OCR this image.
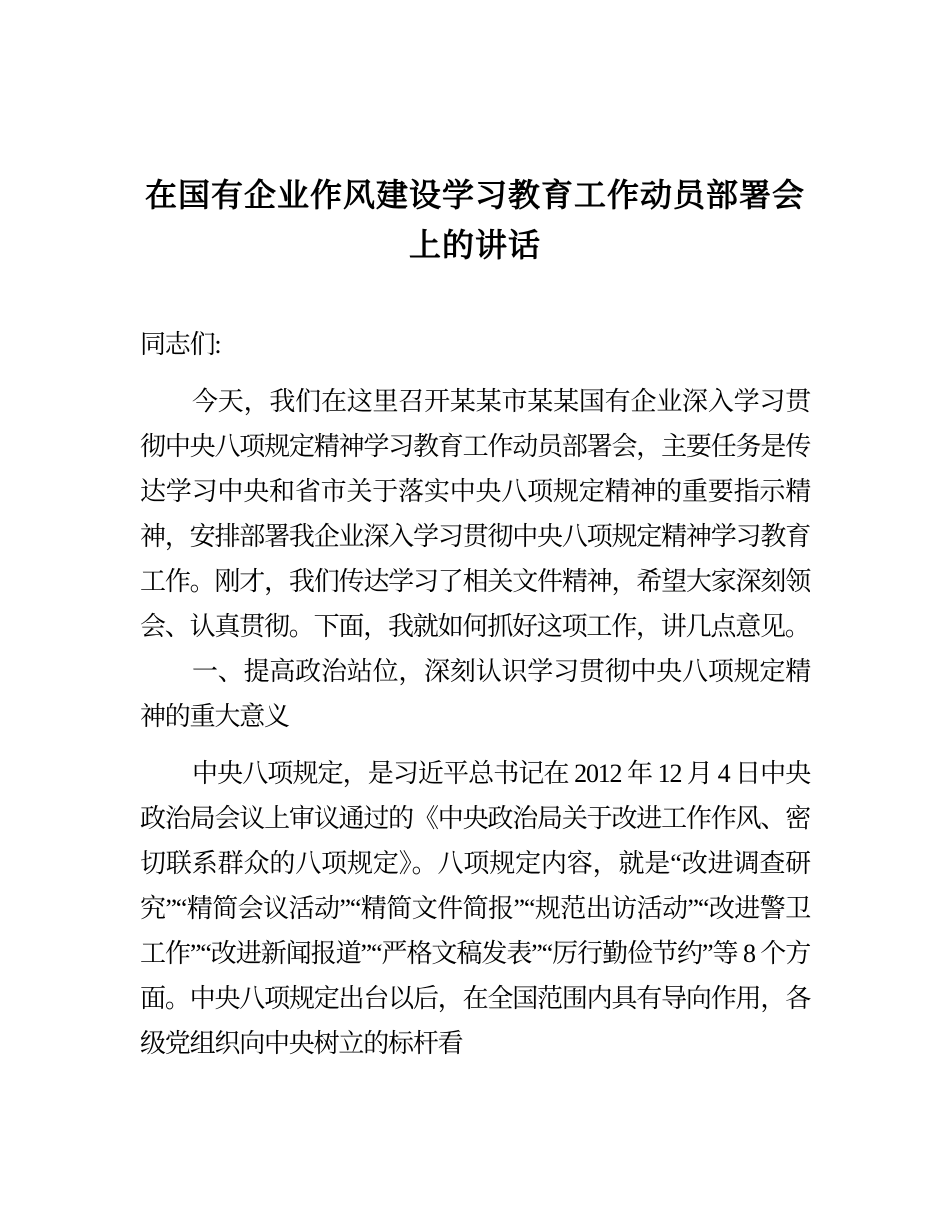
在国有企业作风建设学习教育工作动员部署会上的讲话

同志们:

今天，我们在这里召开某某市某某国有企业深入学习贯彻中央八项规定精神学习教育工作动员部署会，主要任务是传达学习中央和省市关于落实中央八项规定精神的重要指示精神，安排部署我企业深入学习贯彻中央八项规定精神学习教育工作。刚才，我们传达学习了相关文件精神，希望大家深刻领会、认真贯彻。下面，我就如何抓好这项工作，讲几点意见。

一、提高政治站位，深刻认识学习贯彻中央八项规定精神的重大意义

中央八项规定，是习近平总书记在 2012 年 12 月 4 日中央政治局会议上审议通过的《中央政治局关于改进工作作风、密切联系群众的八项规定》。八项规定内容，就是“改进调查研究”“精简会议活动”“精简文件简报”“规范出访活动”“改进警卫工作”“改进新闻报道”“严格文稿发表”“厉行勤俭节约”等 8 个方面。中央八项规定出台以后，在全国范围内具有导向作用，各级党组织向中央树立的标杆看
